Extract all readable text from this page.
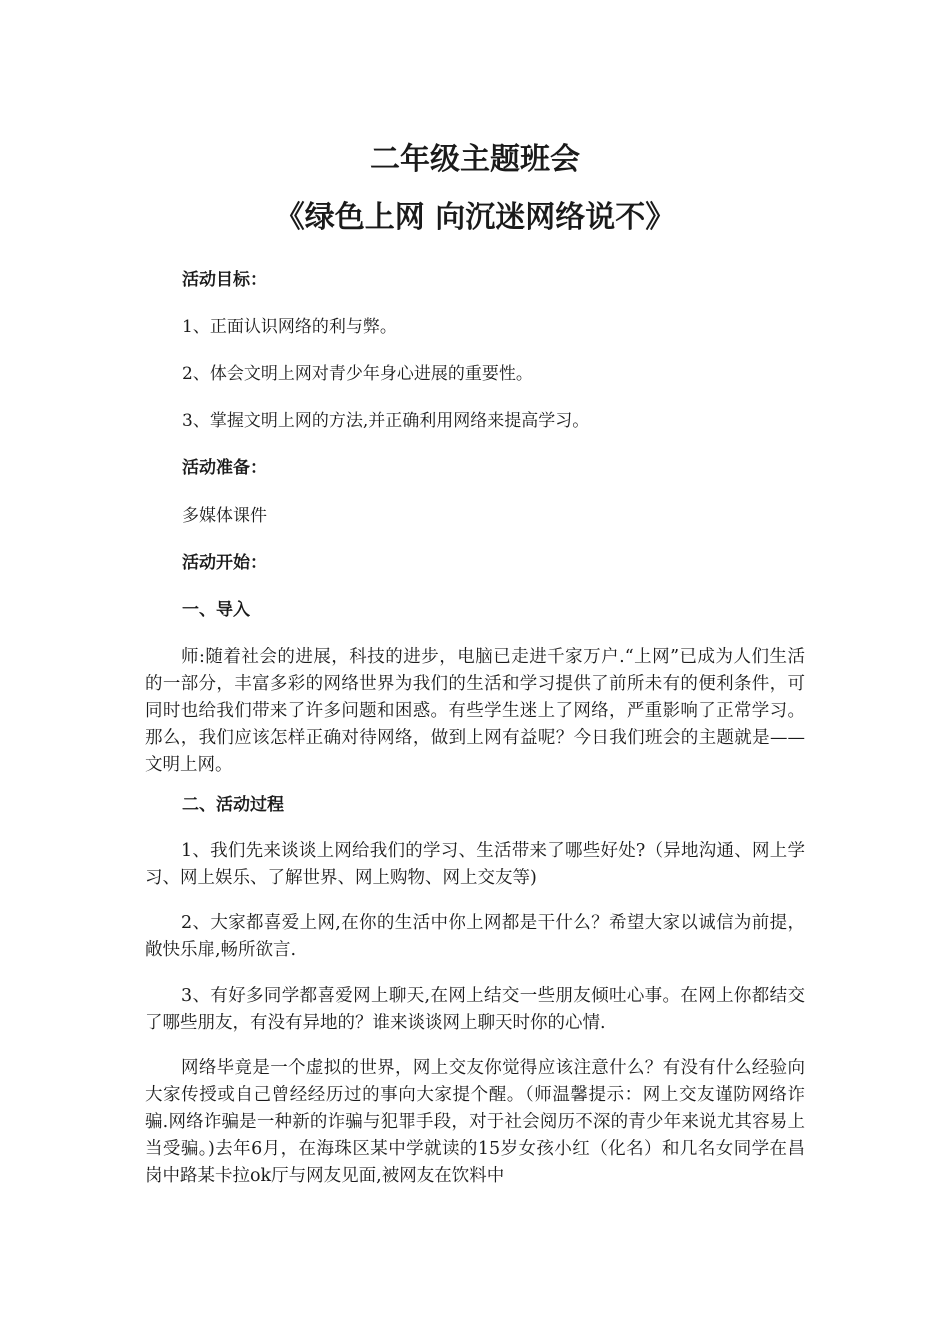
二年级主题班会
《绿色上网 向沉迷网络说不》

活动目标：

1、正面认识网络的利与弊。

2、体会文明上网对青少年身心进展的重要性。

3、掌握文明上网的方法,并正确利用网络来提高学习。

活动准备：

多媒体课件

活动开始：

一、导入

师:随着社会的进展，科技的进步，电脑已走进千家万户.“上网”已成为人们生活的一部分，丰富多彩的网络世界为我们的生活和学习提供了前所未有的便利条件，可同时也给我们带来了许多问题和困惑。有些学生迷上了网络，严重影响了正常学习。那么，我们应该怎样正确对待网络，做到上网有益呢？今日我们班会的主题就是——文明上网。

二、活动过程

1、我们先来谈谈上网给我们的学习、生活带来了哪些好处?（异地沟通、网上学习、网上娱乐、了解世界、网上购物、网上交友等)

2、大家都喜爱上网,在你的生活中你上网都是干什么？希望大家以诚信为前提，敞快乐扉,畅所欲言.

3、有好多同学都喜爱网上聊天,在网上结交一些朋友倾吐心事。在网上你都结交了哪些朋友，有没有异地的？谁来谈谈网上聊天时你的心情.

网络毕竟是一个虚拟的世界，网上交友你觉得应该注意什么？有没有什么经验向大家传授或自己曾经经历过的事向大家提个醒。（师温馨提示：网上交友谨防网络诈骗.网络诈骗是一种新的诈骗与犯罪手段，对于社会阅历不深的青少年来说尤其容易上当受骗。)去年6月，在海珠区某中学就读的15岁女孩小红（化名）和几名女同学在昌岗中路某卡拉ok厅与网友见面,被网友在饮料中
